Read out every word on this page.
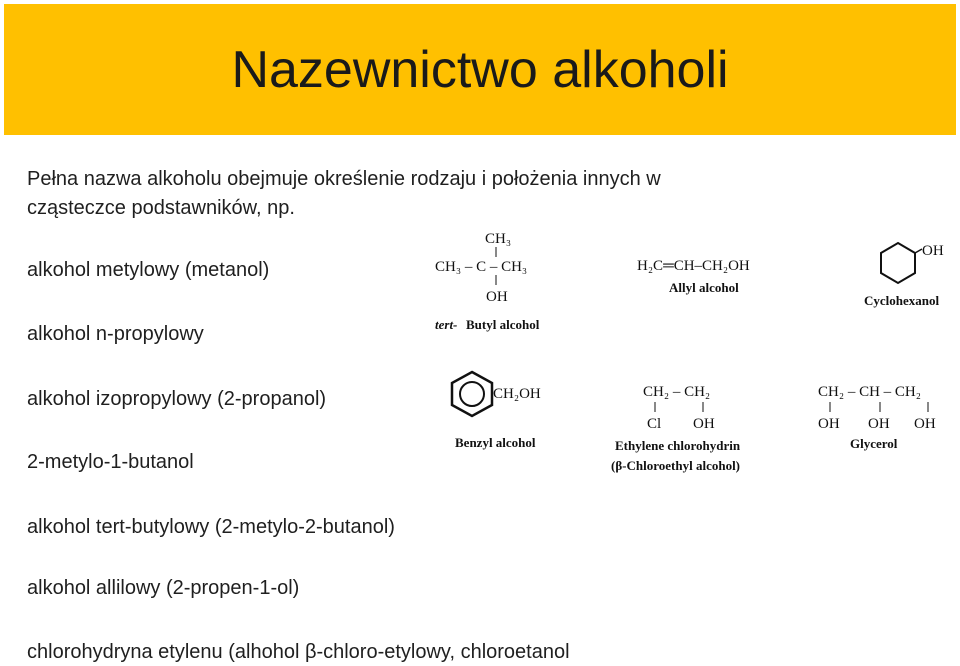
Nazewnictwo alkoholi
Pełna nazwa alkoholu obejmuje określenie rodzaju i położenia innych w
cząsteczce podstawników, np.
alkohol metylowy (metanol)
alkohol n-propylowy
alkohol izopropylowy (2-propanol)
2-metylo-1-butanol
alkohol tert-butylowy (2-metylo-2-butanol)
alkohol allilowy (2-propen-1-ol)
chlorohydryna etylenu (alhohol β-chloro-etylowy, chloroetanol
CH₃
CH₃ – C – CH₃
OH
tert- Butyl alcohol
H₂C═CH–CH₂OH
Allyl alcohol
OH
Cyclohexanol
CH₂OH
Benzyl alcohol
CH₂ – CH₂
Cl OH
Ethylene chlorohydrin
(β-Chloroethyl alcohol)
CH₂ – CH – CH₂
OH OH OH
Glycerol
